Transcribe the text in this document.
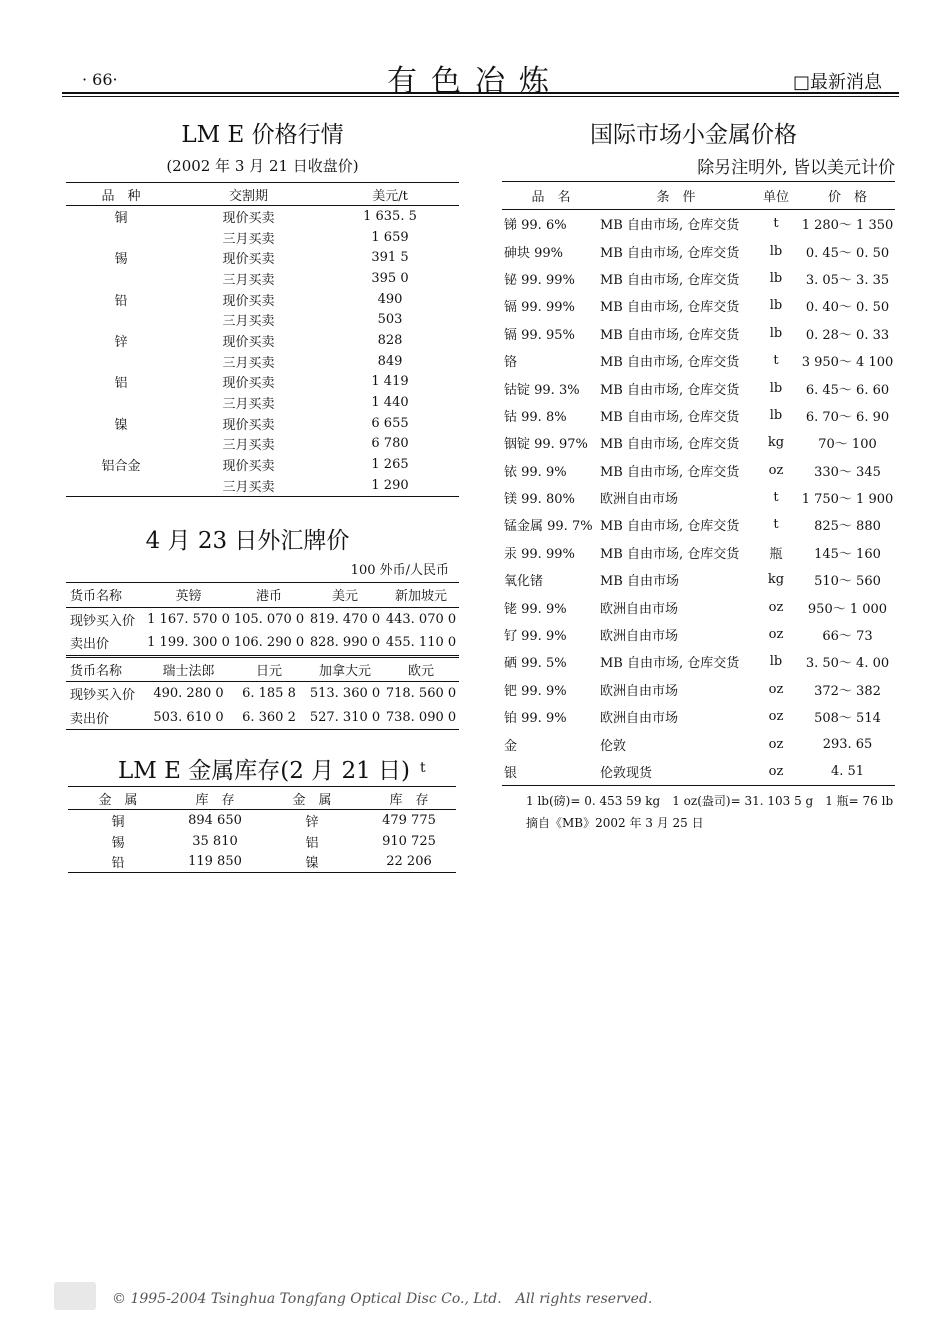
· 66·	有色冶炼	□最新消息
LM E 价格行情
(2002 年 3 月 21 日收盘价)
品　种	交割期	美元/t
铜	现价买卖	1 635. 5
	三月买卖	1 659
锡	现价买卖	391 5
	三月买卖	395 0
铅	现价买卖	490
	三月买卖	503
锌	现价买卖	828
	三月买卖	849
铝	现价买卖	1 419
	三月买卖	1 440
镍	现价买卖	6 655
	三月买卖	6 780
铝合金	现价买卖	1 265
	三月买卖	1 290
4 月 23 日外汇牌价
100 外币/人民币
货币名称	英镑	港币	美元	新加坡元
现钞买入价	1 167. 570 0	105. 070 0	819. 470 0	443. 070 0
卖出价	1 199. 300 0	106. 290 0	828. 990 0	455. 110 0
货币名称	瑞士法郎	日元	加拿大元	欧元
现钞买入价	490. 280 0	6. 185 8	513. 360 0	718. 560 0
卖出价	503. 610 0	6. 360 2	527. 310 0	738. 090 0
LM E 金属库存(2 月 21 日) t
金　属	库　存	金　属	库　存
铜	894 650	锌	479 775
锡	35 810	铝	910 725
铅	119 850	镍	22 206
国际市场小金属价格
除另注明外, 皆以美元计价
品　名	条　件	单位	价　格
锑 99. 6%	MB 自由市场, 仓库交货	t	1 280～ 1 350
砷块 99%	MB 自由市场, 仓库交货	lb	0. 45～ 0. 50
铋 99. 99%	MB 自由市场, 仓库交货	lb	3. 05～ 3. 35
镉 99. 99%	MB 自由市场, 仓库交货	lb	0. 40～ 0. 50
镉 99. 95%	MB 自由市场, 仓库交货	lb	0. 28～ 0. 33
铬	MB 自由市场, 仓库交货	t	3 950～ 4 100
钴锭 99. 3%	MB 自由市场, 仓库交货	lb	6. 45～ 6. 60
钴 99. 8%	MB 自由市场, 仓库交货	lb	6. 70～ 6. 90
铟锭 99. 97%	MB 自由市场, 仓库交货	kg	70～ 100
铱 99. 9%	MB 自由市场, 仓库交货	oz	330～ 345
镁 99. 80%	欧洲自由市场	t	1 750～ 1 900
锰金属 99. 7%	MB 自由市场, 仓库交货	t	825～ 880
汞 99. 99%	MB 自由市场, 仓库交货	瓶	145～ 160
氧化锗	MB 自由市场	kg	510～ 560
铑 99. 9%	欧洲自由市场	oz	950～ 1 000
钌 99. 9%	欧洲自由市场	oz	66～ 73
硒 99. 5%	MB 自由市场, 仓库交货	lb	3. 50～ 4. 00
钯 99. 9%	欧洲自由市场	oz	372～ 382
铂 99. 9%	欧洲自由市场	oz	508～ 514
金	伦敦	oz	293. 65
银	伦敦现货	oz	4. 51
1 lb(磅)= 0. 453 59 kg　1 oz(盎司)= 31. 103 5 g　1 瓶= 76 lb
摘自《MB》2002 年 3 月 25 日
© 1995-2004 Tsinghua Tongfang Optical Disc Co., Ltd.　All rights reserved.
